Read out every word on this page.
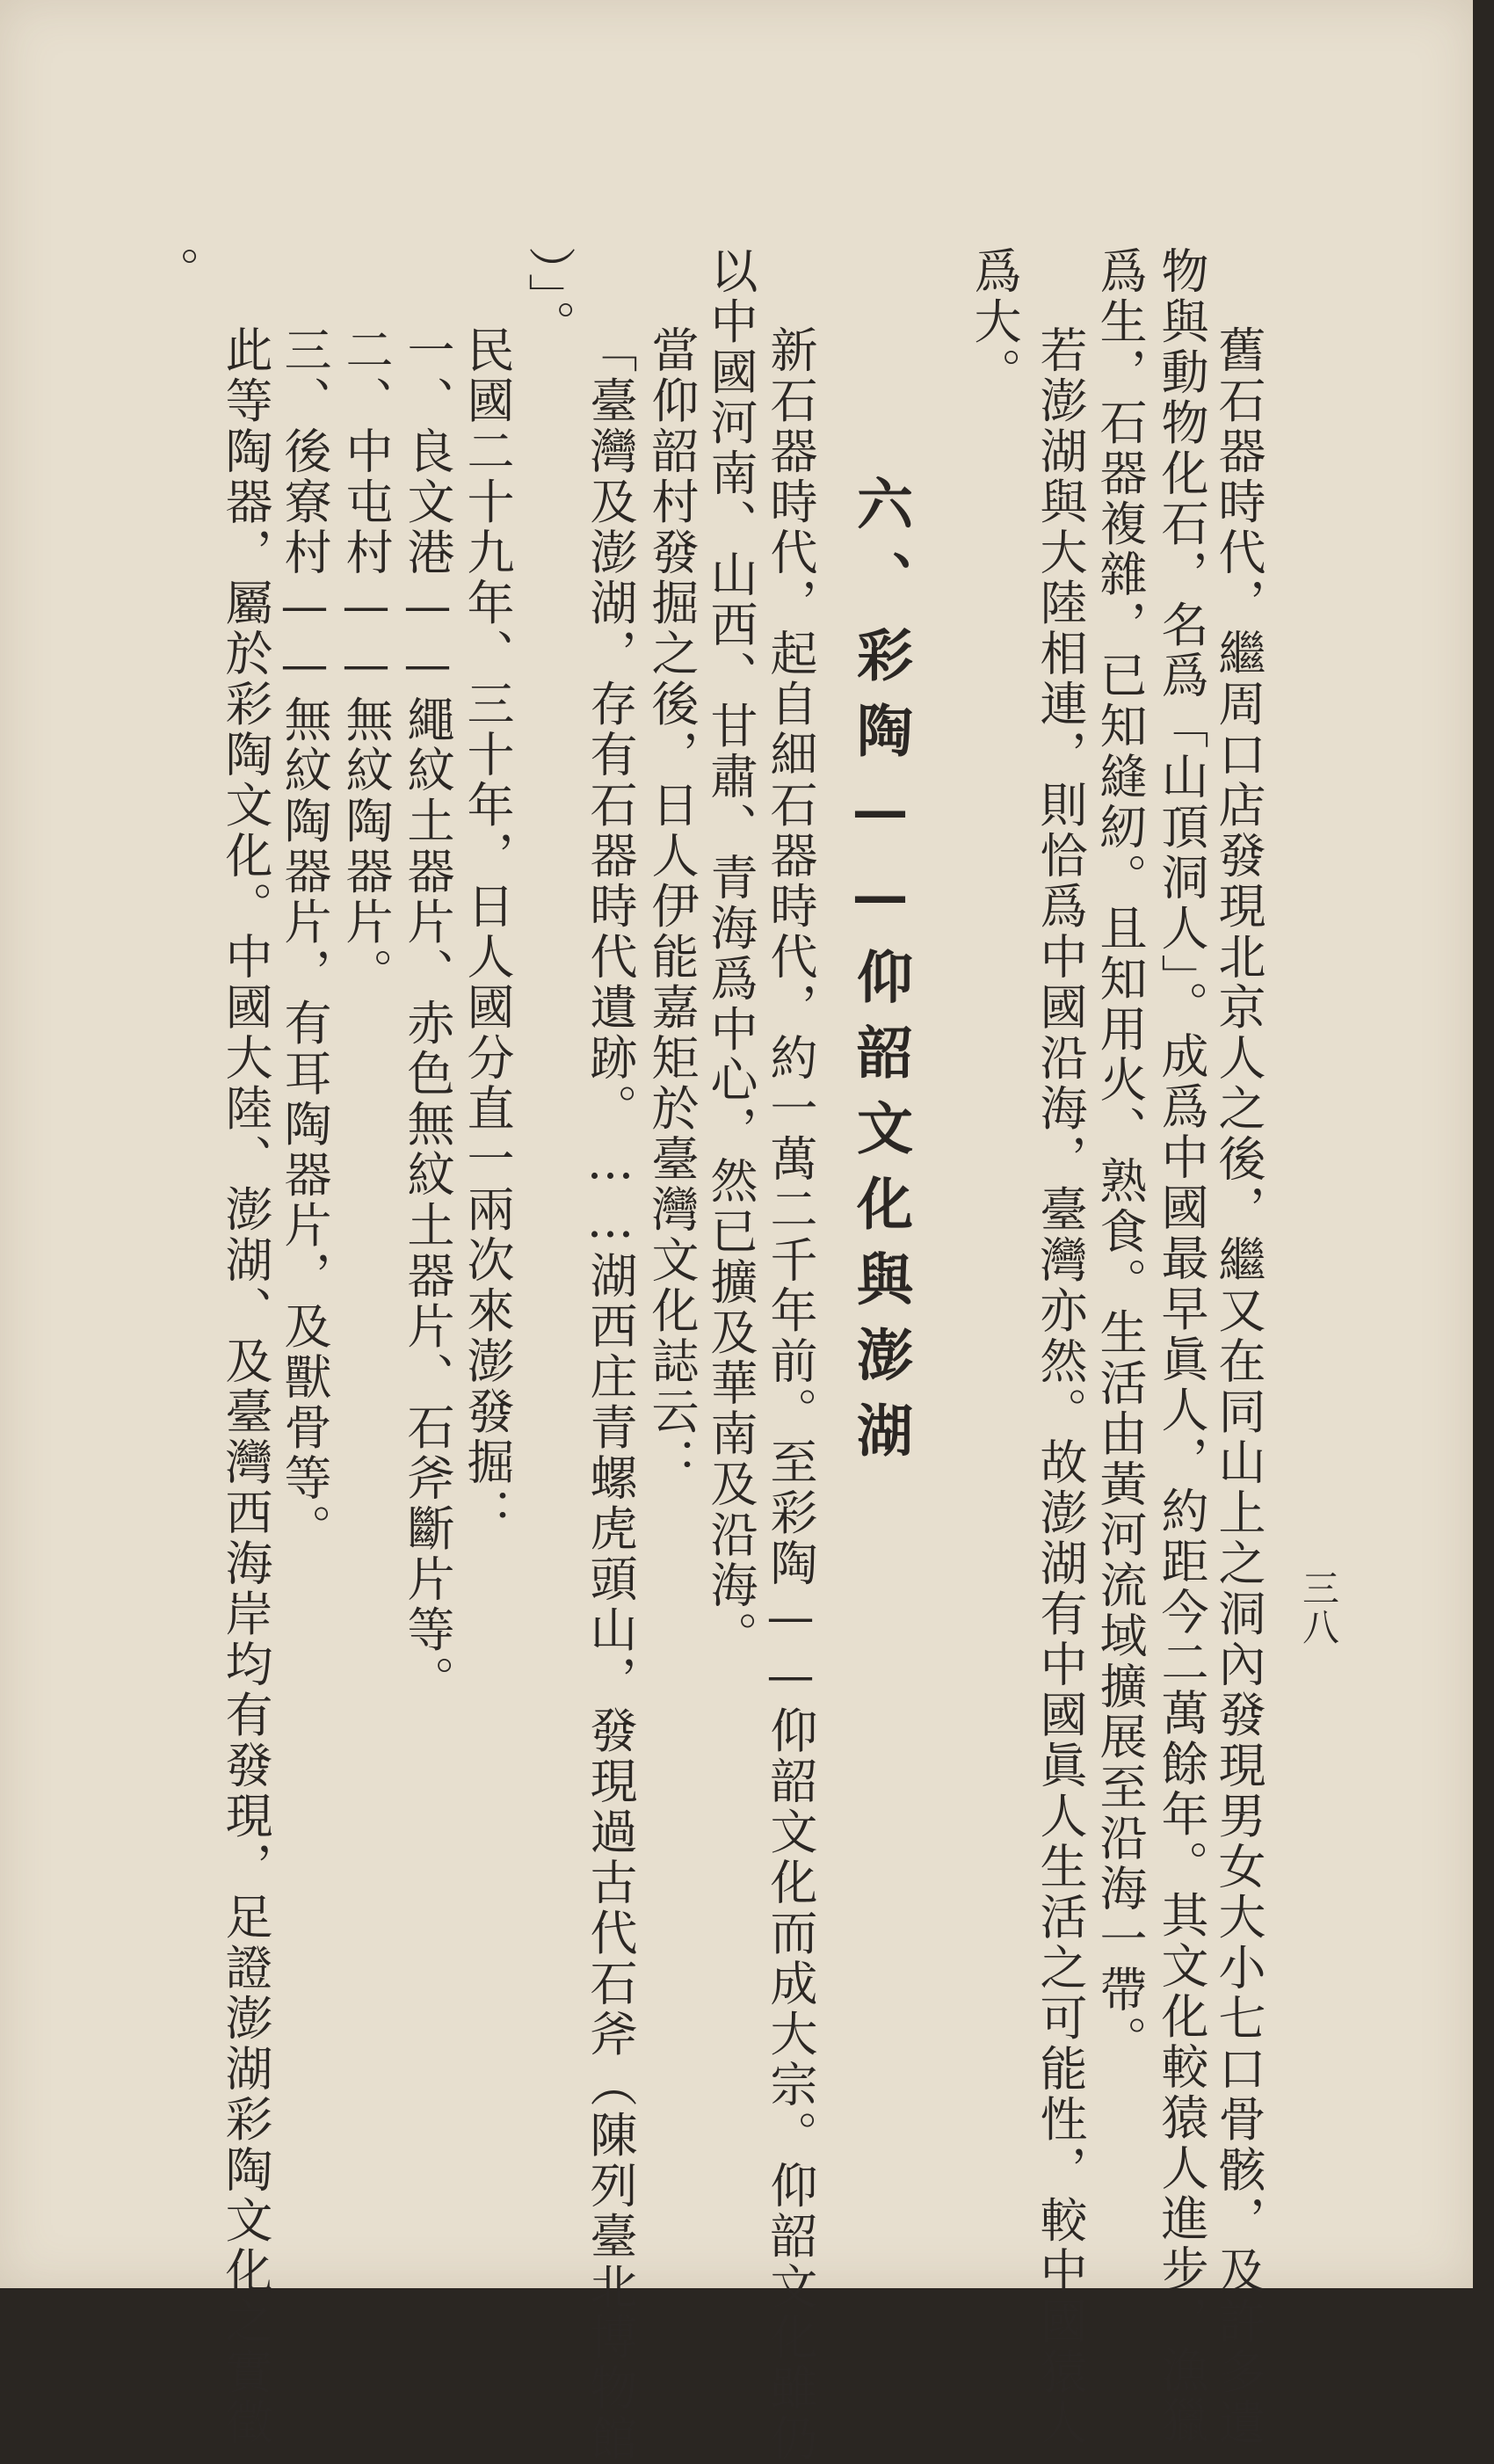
三八
舊石器時代，繼周口店發現北京人之後，繼又在同山上之洞內發現男女大小七口骨骸，及許多遺
物與動物化石，名爲「山頂洞人」。成爲中國最早眞人，約距今二萬餘年。其文化較猿人進步，漁獵
爲生，石器複雜，已知縫紉。且知用火、熟食。生活由黃河流域擴展至沿海一帶。
若澎湖與大陸相連，則恰爲中國沿海，臺灣亦然。故澎湖有中國眞人生活之可能性，較中國猿人
爲大。
六、彩陶——仰韶文化與澎湖
新石器時代，起自細石器時代，約一萬二千年前。至彩陶——仰韶文化而成大宗。仰韶文化雖仍
以中國河南、山西、甘肅、青海爲中心，然已擴及華南及沿海。
當仰韶村發掘之後，日人伊能嘉矩於臺灣文化誌云：
「臺灣及澎湖，存有石器時代遺跡。……湖西庄青螺虎頭山，發現過古代石斧（陳列臺北博物館
）」。
民國二十九年、三十年，日人國分直一兩次來澎發掘：
一、良文港——繩紋土器片、赤色無紋土器片、石斧斷片等。
二、中屯村——無紋陶器片。
三、後寮村——無紋陶器片，有耳陶器片，及獸骨等。
此等陶器，屬於彩陶文化。中國大陸、澎湖、及臺灣西海岸均有發現，足證澎湖彩陶文化之實徵
。
